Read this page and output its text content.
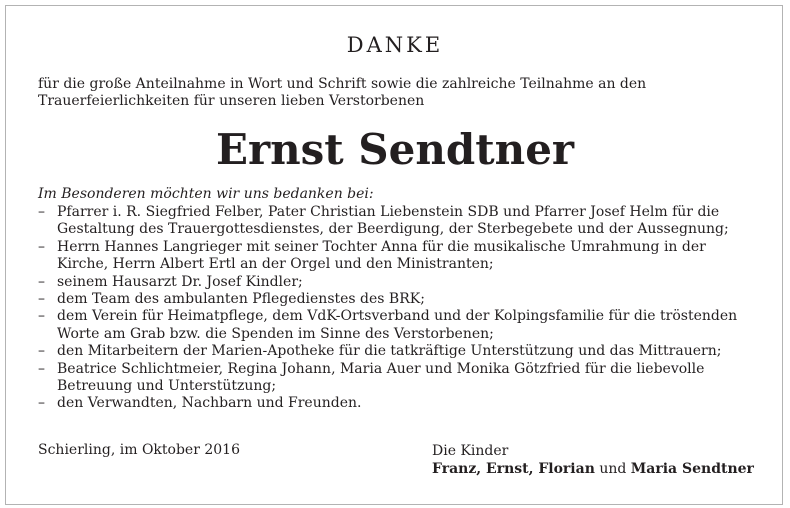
DANKE

für die große Anteilnahme in Wort und Schrift sowie die zahlreiche Teilnahme an den Trauerfeierlichkeiten für unseren lieben Verstorbenen

Ernst Sendtner
Im Besonderen möchten wir uns bedanken bei:
– Pfarrer i. R. Siegfried Felber, Pater Christian Liebenstein SDB und Pfarrer Josef Helm für die Gestaltung des Trauergottesdienstes, der Beerdigung, der Sterbegebete und der Aussegnung;
– Herrn Hannes Langrieger mit seiner Tochter Anna für die musikalische Umrahmung in der Kirche, Herrn Albert Ertl an der Orgel und den Ministranten;
– seinem Hausarzt Dr. Josef Kindler;
– dem Team des ambulanten Pflegedienstes des BRK;
– dem Verein für Heimatpflege, dem VdK-Ortsverband und der Kolpingsfamilie für die tröstenden Worte am Grab bzw. die Spenden im Sinne des Verstorbenen;
– den Mitarbeitern der Marien-Apotheke für die tatkräftige Unterstützung und das Mittrauern;
– Beatrice Schlichtmeier, Regina Johann, Maria Auer und Monika Götzfried für die liebevolle Betreuung und Unterstützung;
– den Verwandten, Nachbarn und Freunden.
Schierling, im Oktober 2016	Die Kinder
Franz, Ernst, Florian und Maria Sendtner
